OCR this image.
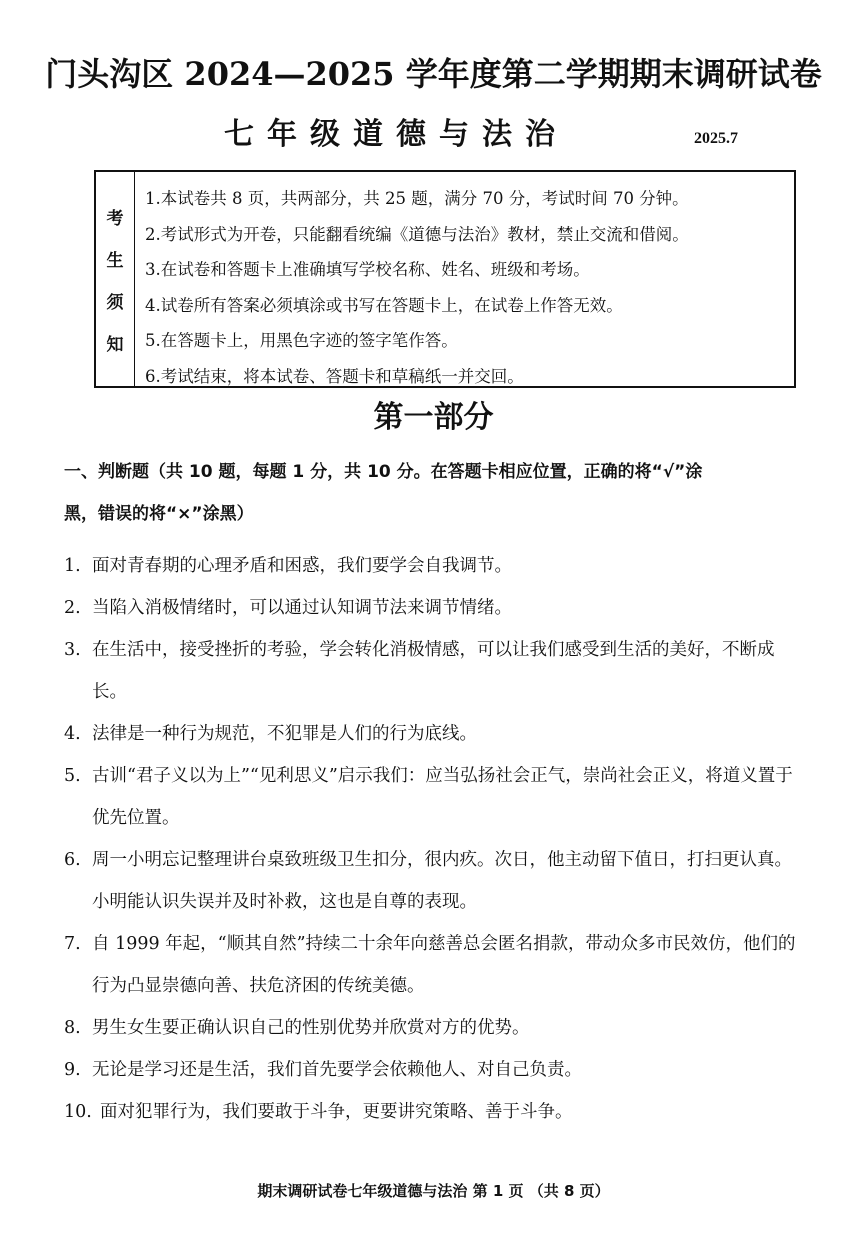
门头沟区 2024—2025 学年度第二学期期末调研试卷
七年级道德与法治	2025.7
考
生
须
知
1.本试卷共 8 页，共两部分，共 25 题，满分 70 分，考试时间 70 分钟。
2.考试形式为开卷，只能翻看统编《道德与法治》教材，禁止交流和借阅。
3.在试卷和答题卡上准确填写学校名称、姓名、班级和考场。
4.试卷所有答案必须填涂或书写在答题卡上，在试卷上作答无效。
5.在答题卡上，用黑色字迹的签字笔作答。
6.考试结束，将本试卷、答题卡和草稿纸一并交回。
第一部分
一、判断题（共 10 题，每题 1 分，共 10 分。在答题卡相应位置，正确的将“√”涂
黑，错误的将“×”涂黑）
1. 面对青春期的心理矛盾和困惑，我们要学会自我调节。
2. 当陷入消极情绪时，可以通过认知调节法来调节情绪。
3. 在生活中，接受挫折的考验，学会转化消极情感，可以让我们感受到生活的美好，不断成长。
4. 法律是一种行为规范，不犯罪是人们的行为底线。
5. 古训“君子义以为上”“见利思义”启示我们：应当弘扬社会正气，崇尚社会正义，将道义置于优先位置。
6. 周一小明忘记整理讲台桌致班级卫生扣分，很内疚。次日，他主动留下值日，打扫更认真。小明能认识失误并及时补救，这也是自尊的表现。
7. 自 1999 年起，“顺其自然”持续二十余年向慈善总会匿名捐款，带动众多市民效仿，他们的行为凸显崇德向善、扶危济困的传统美德。
8. 男生女生要正确认识自己的性别优势并欣赏对方的优势。
9. 无论是学习还是生活，我们首先要学会依赖他人、对自己负责。
10. 面对犯罪行为，我们要敢于斗争，更要讲究策略、善于斗争。
期末调研试卷七年级道德与法治 第 1 页 （共 8 页）
